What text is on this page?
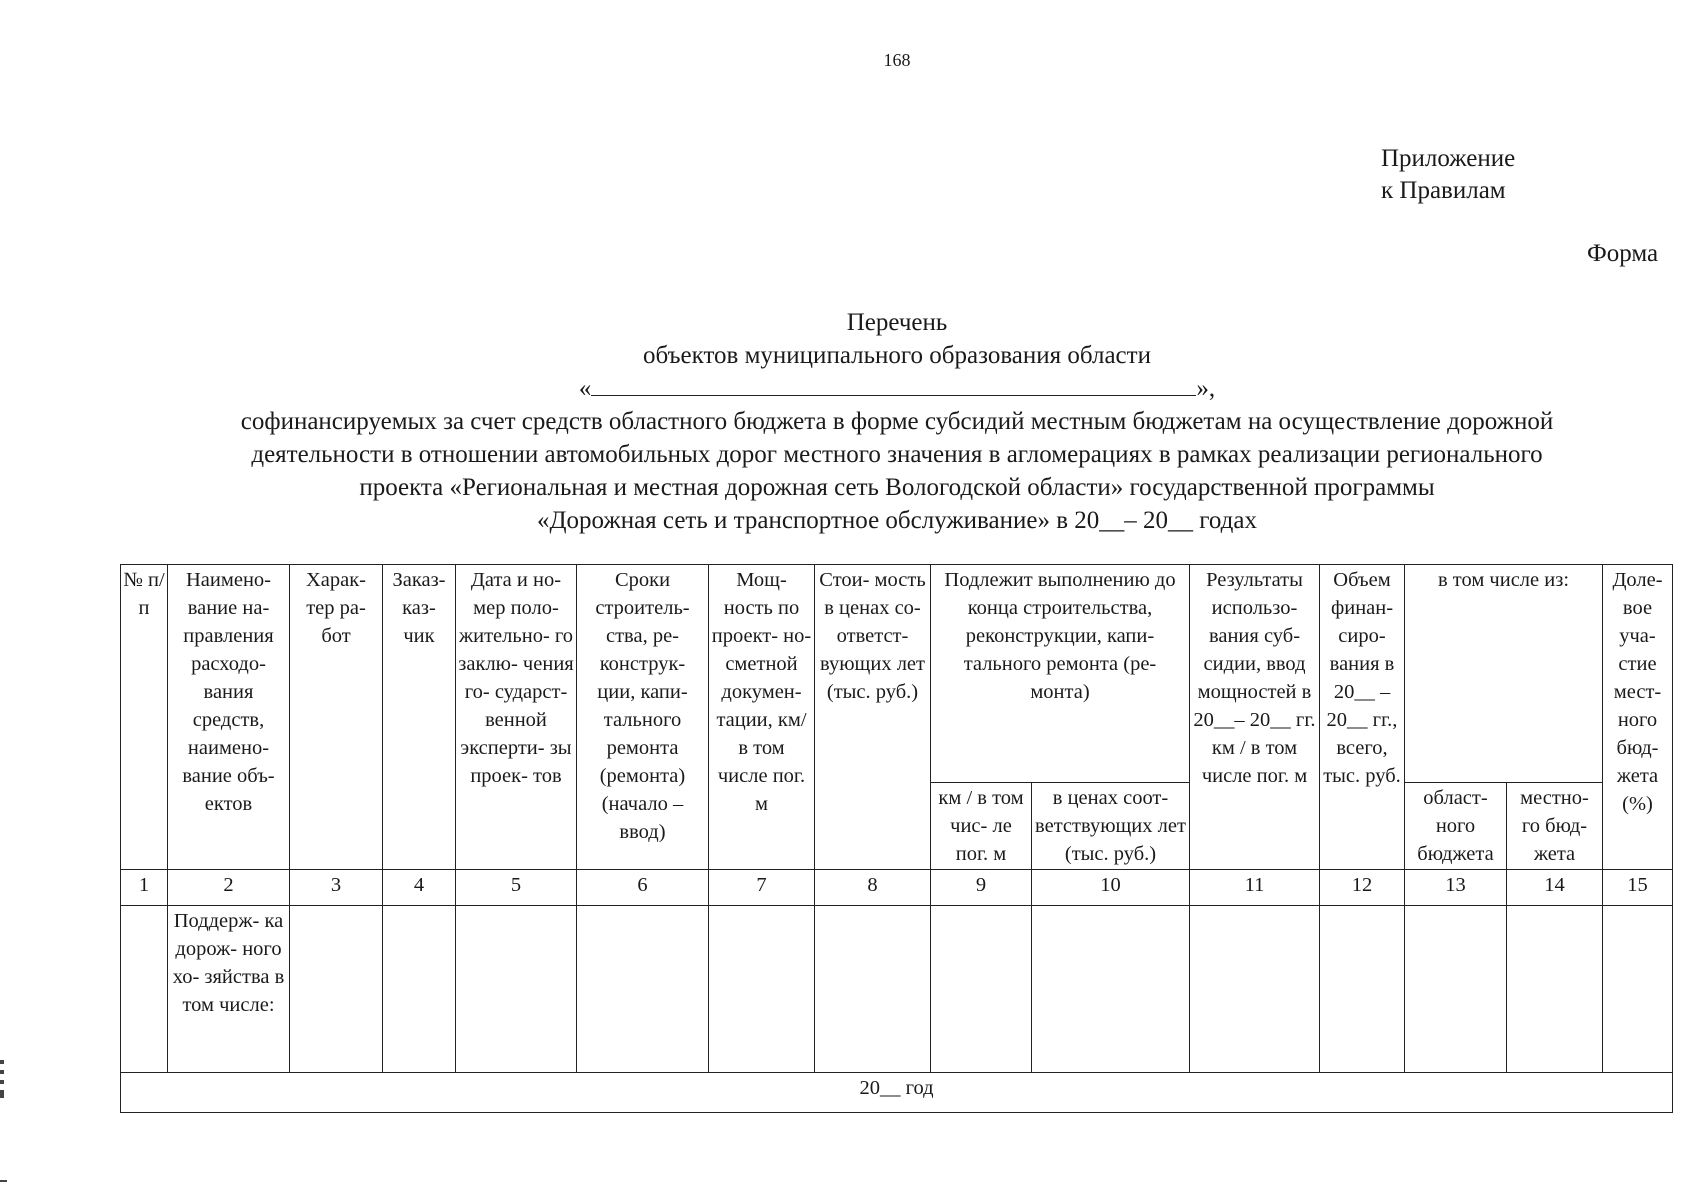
168
Приложение
к Правилам
Форма
Перечень
объектов муниципального образования области
«	»,
софинансируемых за счет средств областного бюджета в форме субсидий местным бюджетам на осуществление дорожной
деятельности в отношении автомобильных дорог местного значения в агломерациях в рамках реализации регионального
проекта «Региональная и местная дорожная сеть Вологодской области» государственной программы
«Дорожная сеть и транспортное обслуживание» в 20__– 20__ годах
№ п/п	Наимено- вание на- правления расходо- вания средств, наимено- вание объ- ектов	Харак- тер ра- бот	Заказ- каз- чик	Дата и но- мер поло- жительно- го заклю- чения го- сударст- венной эксперти- зы проек- тов	Сроки строитель- ства, ре- конструк- ции, капи- тального ремонта (ремонта) (начало – ввод)	Мощ- ность по проект- но- сметной докумен- тации, км/ в том числе пог. м	Стои- мость в ценах со- ответст- вующих лет (тыс. руб.)	Подлежит выполнению до конца строительства, реконструкции, капи- тального ремонта (ре- монта)		Результаты использо- вания суб- сидии, ввод мощностей в 20__– 20__ гг. км / в том числе пог. м	Объем финан- сиро- вания в 20__ – 20__ гг., всего, тыс. руб.	в том числе из:		Доле- вое уча- стие мест- ного бюд- жета (%)
								км / в том чис- ле пог. м	в ценах соот- ветствующих лет (тыс. руб.)			област- ного бюджета	местно- го бюд- жета	
1	2	3	4	5	6	7	8	9	10	11	12	13	14	15
	Поддерж- ка дорож- ного хо- зяйства в том числе:													
20__ год														
